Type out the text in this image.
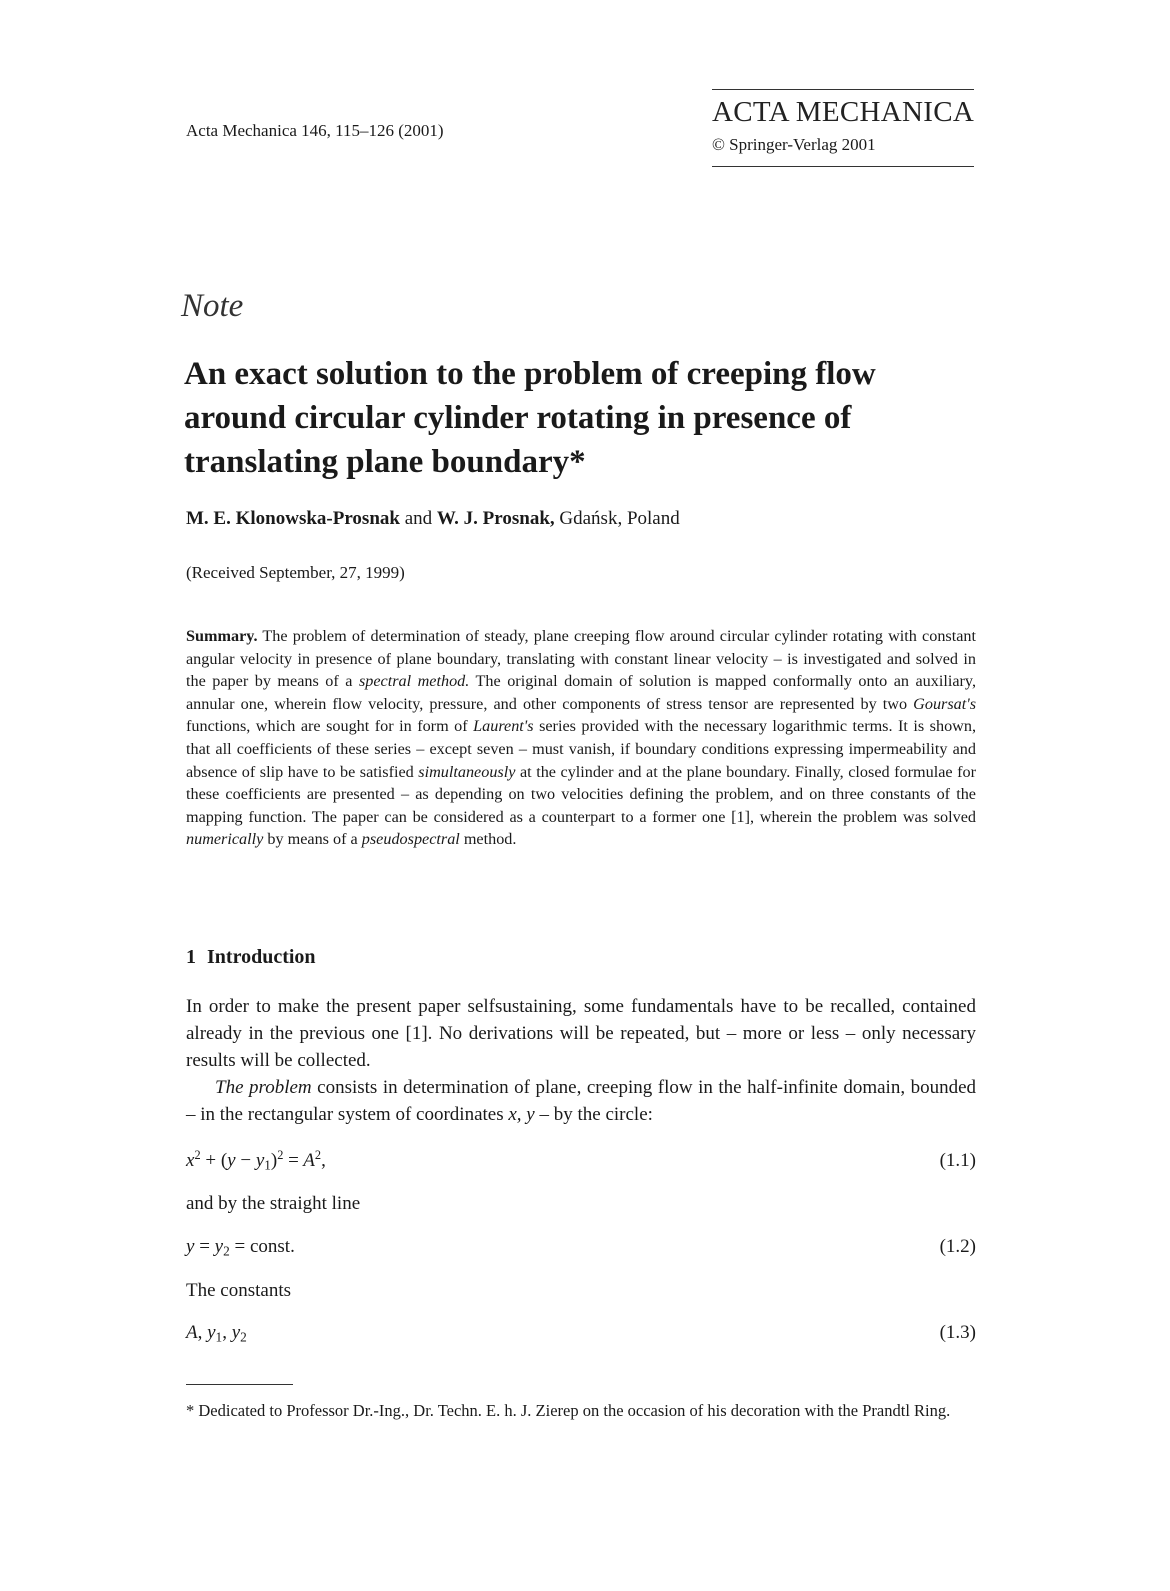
Acta Mechanica 146, 115–126 (2001)
ACTA MECHANICA
© Springer-Verlag 2001
Note
An exact solution to the problem of creeping flow around circular cylinder rotating in presence of translating plane boundary*
M. E. Klonowska-Prosnak and W. J. Prosnak, Gdańsk, Poland
(Received September, 27, 1999)
Summary. The problem of determination of steady, plane creeping flow around circular cylinder rotating with constant angular velocity in presence of plane boundary, translating with constant linear velocity – is investigated and solved in the paper by means of a spectral method. The original domain of solution is mapped conformally onto an auxiliary, annular one, wherein flow velocity, pressure, and other components of stress tensor are represented by two Goursat's functions, which are sought for in form of Laurent's series provided with the necessary logarithmic terms. It is shown, that all coefficients of these series – except seven – must vanish, if boundary conditions expressing impermeability and absence of slip have to be satisfied simultaneously at the cylinder and at the plane boundary. Finally, closed formulae for these coefficients are presented – as depending on two velocities defining the problem, and on three constants of the mapping function. The paper can be considered as a counterpart to a former one [1], wherein the problem was solved numerically by means of a pseudospectral method.
1 Introduction
In order to make the present paper selfsustaining, some fundamentals have to be recalled, contained already in the previous one [1]. No derivations will be repeated, but – more or less – only necessary results will be collected.
The problem consists in determination of plane, creeping flow in the half-infinite domain, bounded – in the rectangular system of coordinates x, y – by the circle:
$x^2 + (y - y_1)^2 = A^2$,	(1.1)
and by the straight line
$y = y_2$ = const.	(1.2)
The constants
A, $y_1$, $y_2$	(1.3)
* Dedicated to Professor Dr.-Ing., Dr. Techn. E. h. J. Zierep on the occasion of his decoration with the Prandtl Ring.
